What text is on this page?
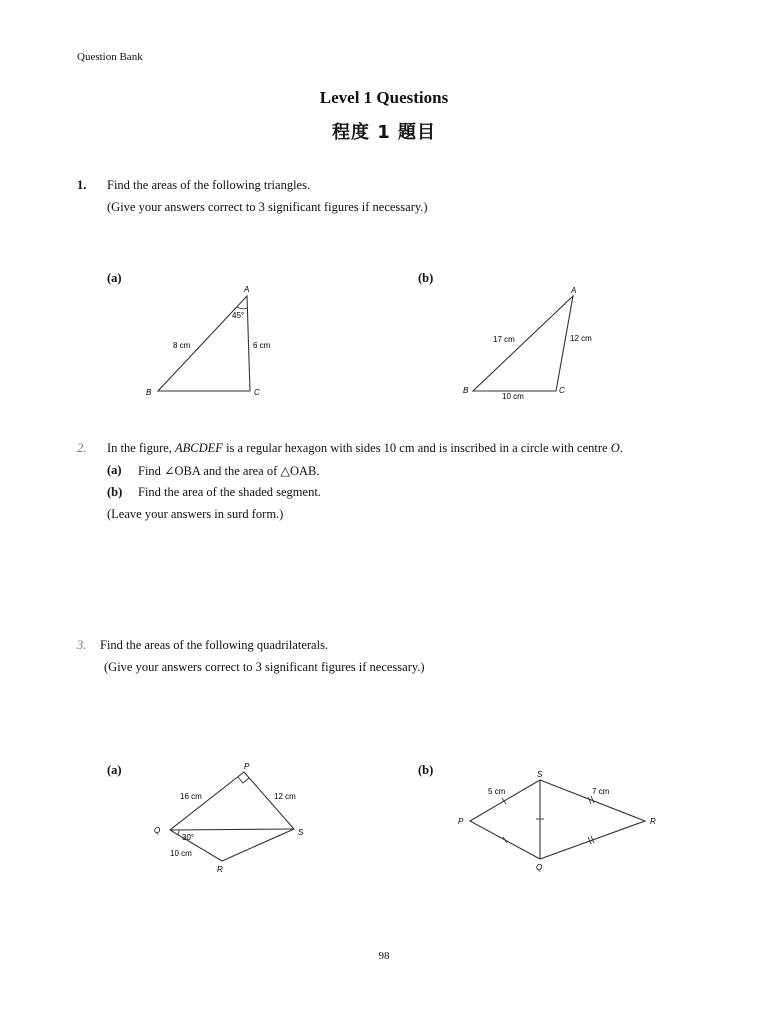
Question Bank
Level 1 Questions
程度 1 題目
1. Find the areas of the following triangles.
(Give your answers correct to 3 significant figures if necessary.)
(a)	(b)
A
B	C
45°
8 cm	6 cm
A
B	C
17 cm	12 cm
10 cm
2. In the figure, ABCDEF is a regular hexagon with sides 10 cm and is inscribed in a circle with centre O.
(a) Find ∠OBA and the area of △OAB.
(b) Find the area of the shaded segment.
(Leave your answers in surd form.)
3. Find the areas of the following quadrilaterals.
(Give your answers correct to 3 significant figures if necessary.)
(a)	(b)
P
Q
R
S
16 cm	12 cm
30°
10 cm
S
P	R
Q
5 cm	7 cm
98
